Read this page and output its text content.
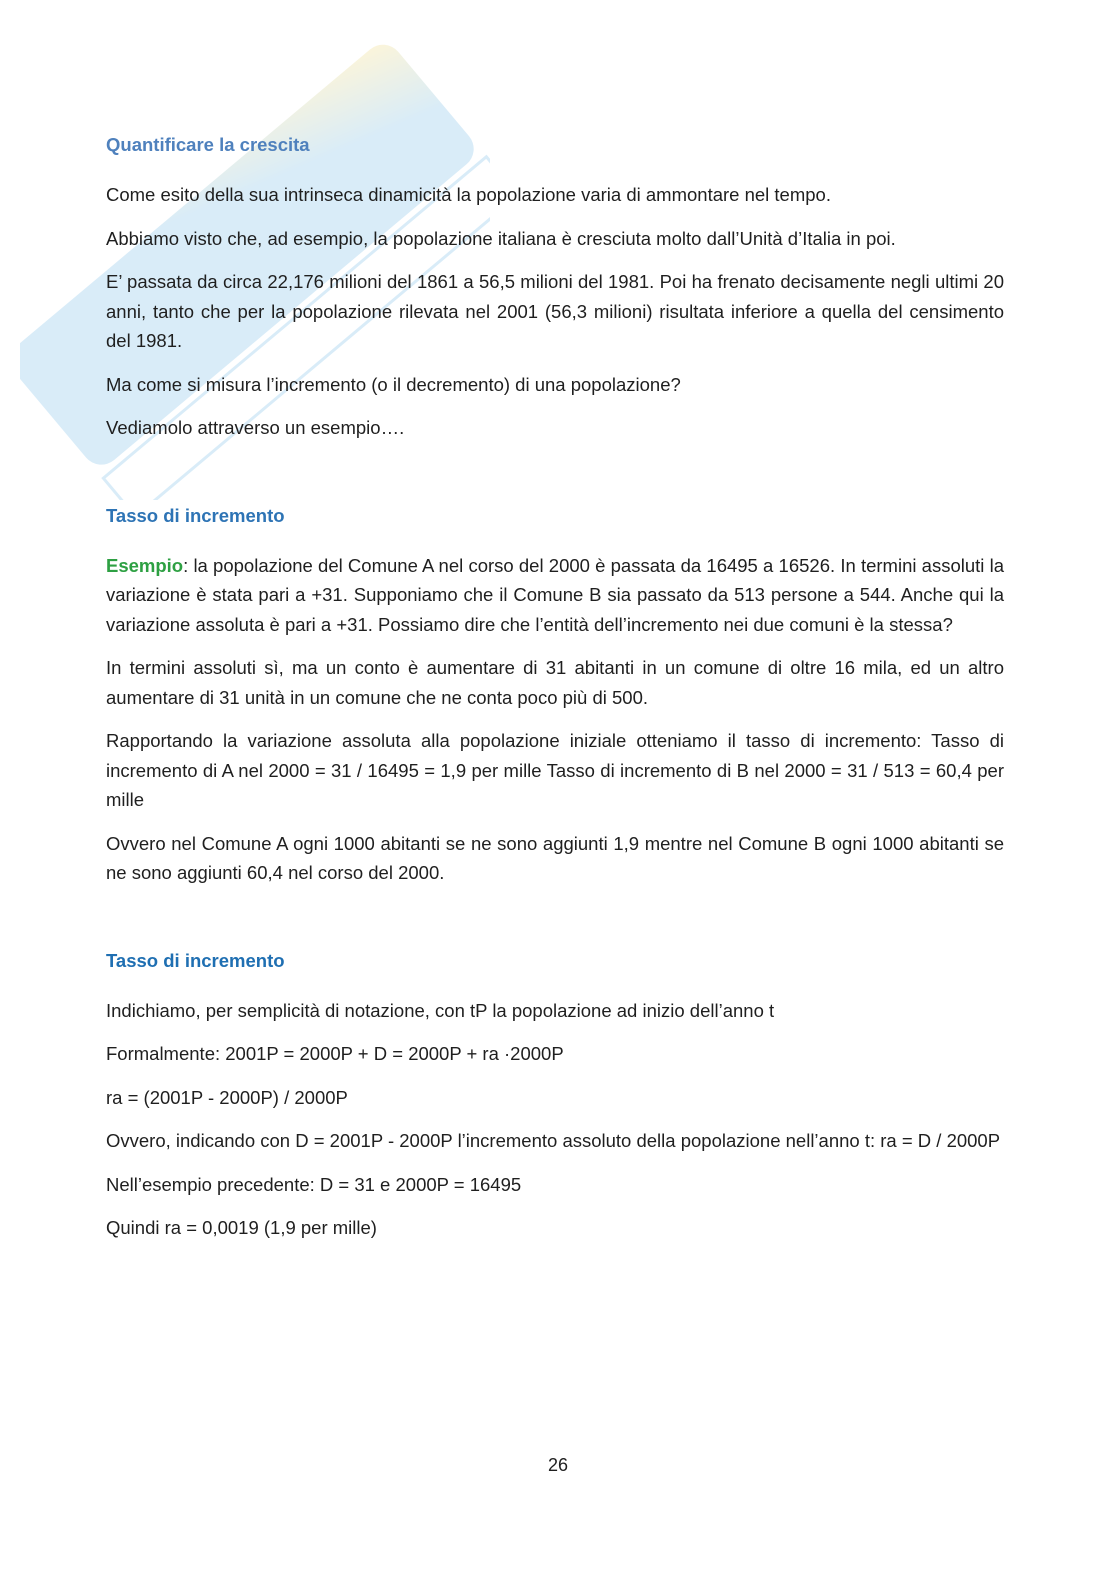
Quantificare la crescita

Come esito della sua intrinseca dinamicità la popolazione varia di ammontare nel tempo.

Abbiamo visto che, ad esempio, la popolazione italiana è cresciuta molto dall’Unità d’Italia in poi.

E’ passata da circa 22,176 milioni del 1861 a 56,5 milioni del 1981. Poi ha frenato decisamente negli ultimi 20 anni, tanto che per la popolazione rilevata nel 2001 (56,3 milioni) risultata inferiore a quella del censimento del 1981.

Ma come si misura l’incremento (o il decremento) di una popolazione?

Vediamolo attraverso un esempio….

Tasso di incremento

Esempio: la popolazione del Comune A nel corso del 2000 è passata da 16495 a 16526. In termini assoluti la variazione è stata pari a +31. Supponiamo che il Comune B sia passato da 513 persone a 544. Anche qui la variazione assoluta è pari a +31. Possiamo dire che l’entità dell’incremento nei due comuni è la stessa?

In termini assoluti sì, ma un conto è aumentare di 31 abitanti in un comune di oltre 16 mila, ed un altro aumentare di 31 unità in un comune che ne conta poco più di 500.

Rapportando la variazione assoluta alla popolazione iniziale otteniamo il tasso di incremento: Tasso di incremento di A nel 2000 = 31 / 16495 = 1,9 per mille Tasso di incremento di B nel 2000 = 31 / 513 = 60,4 per mille

Ovvero nel Comune A ogni 1000 abitanti se ne sono aggiunti 1,9 mentre nel Comune B ogni 1000 abitanti se ne sono aggiunti 60,4 nel corso del 2000.

Tasso di incremento

Indichiamo, per semplicità di notazione, con tP la popolazione ad inizio dell’anno t

Formalmente: 2001P = 2000P + D = 2000P + ra ·2000P

ra = (2001P - 2000P) / 2000P

Ovvero, indicando con D = 2001P - 2000P l’incremento assoluto della popolazione nell’anno t: ra = D / 2000P

Nell’esempio precedente: D = 31 e 2000P = 16495

Quindi ra = 0,0019 (1,9 per mille)

26
